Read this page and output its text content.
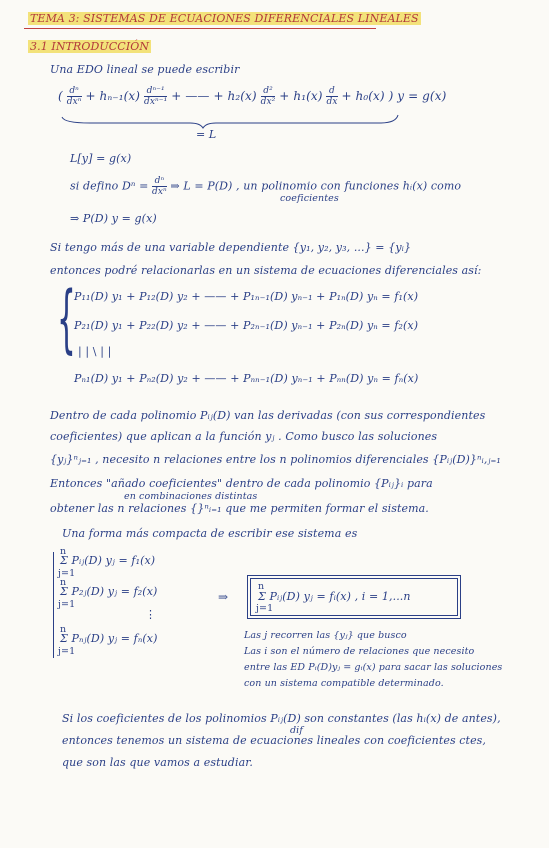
TEMA 3: SISTEMAS DE ECUACIONES DIFERENCIALES LINEALES
3.1 INTRODUCCIÓN
Una EDO lineal se puede escribir
( $\frac{\text{dⁿ}}{\text{dxⁿ}} + h_{n-1}(x) \frac{\text{dⁿ⁻¹}}{\text{dxⁿ⁻¹}}$ + —— + $h_2(x) \frac{\text{d²}}{\text{dx²}} + h_1(x) \frac{d}{dx} + h_0(x)$ ) y = g(x)
= L
L[y] = g(x)
si defino $D^n = \frac{\text{dⁿ}}{\text{dxⁿ}}$ ⇒ L = P(D) , un polinomio con funciones hᵢ(x) como
coeficientes
⇒ P(D) y = g(x)
Si tengo más de una variable dependiente {y₁, y₂, y₃, ...} = {yᵢ}
entonces podré relacionarlas en un sistema de ecuaciones diferenciales así:
{
P₁₁(D) y₁ + P₁₂(D) y₂ + —— + P₁ₙ₋₁(D) yₙ₋₁ + P₁ₙ(D) yₙ = f₁(x)
P₂₁(D) y₁ + P₂₂(D) y₂ + —— + P₂ₙ₋₁(D) yₙ₋₁ + P₂ₙ(D) yₙ = f₂(x)
| | \ | |
Pₙ₁(D) y₁ + Pₙ₂(D) y₂ + —— + Pₙₙ₋₁(D) yₙ₋₁ + Pₙₙ(D) yₙ = fₙ(x)
Dentro de cada polinomio Pᵢⱼ(D) van las derivadas (con sus correspondientes
coeficientes) que aplican a la función yⱼ . Como busco las soluciones
{yⱼ}ⁿⱼ₌₁ , necesito n relaciones entre los n polinomios diferenciales {Pᵢⱼ(D)}ⁿᵢ,ⱼ₌₁
Entonces "añado coeficientes" dentro de cada polinomio {Pᵢⱼ}ᵢ para
en combinaciones distintas
obtener las n relaciones {}ⁿᵢ₌₁ que me permiten formar el sistema.
Una forma más compacta de escribir ese sistema es
n
Σ Pᵢⱼ(D) yⱼ = f₁(x)
j=1
n
Σ P₂ⱼ(D) yⱼ = f₂(x)
j=1
⋮
n
Σ Pₙⱼ(D) yⱼ = fₙ(x)
j=1
⇒
n
Σ Pᵢⱼ(D) yⱼ = fᵢ(x) , i = 1,...n
j=1
Las j recorren las {yⱼ} que busco
Las i son el número de relaciones que necesito
entre las ED Pᵢ(D)yⱼ = gᵢ(x) para sacar las soluciones
con un sistema compatible determinado.
Si los coeficientes de los polinomios Pᵢⱼ(D) son constantes (las hᵢ(x) de antes),
dif
entonces tenemos un sistema de ecuaciones lineales con coeficientes ctes,
que son las que vamos a estudiar.
